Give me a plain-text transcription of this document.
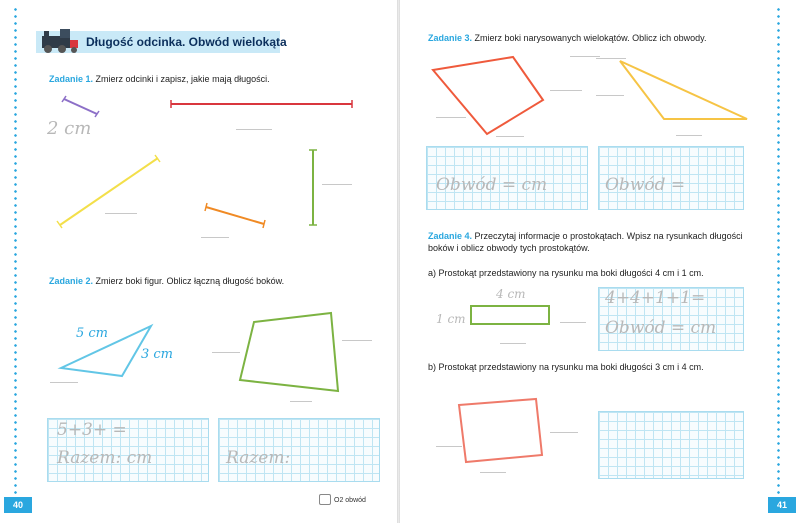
Długość odcinka. Obwód wielokąta
Zadanie 1. Zmierz odcinki i zapisz, jakie mają długości.
2 cm
Zadanie 2. Zmierz boki figur. Oblicz łączną długość boków.
5 cm
3 cm
5+3+ =
Razem: cm	Razem:
40	O2 obwód
Zadanie 3. Zmierz boki narysowanych wielokątów. Oblicz ich obwody.
Obwód = cm	Obwód =
Zadanie 4. Przeczytaj informacje o prostokątach. Wpisz na rysunkach długości boków i oblicz obwody tych prostokątów.
a) Prostokąt przedstawiony na rysunku ma boki długości 4 cm i 1 cm.
4 cm
1 cm
4+4+1+1=
Obwód = cm
b) Prostokąt przedstawiony na rysunku ma boki długości 3 cm i 4 cm.
41
